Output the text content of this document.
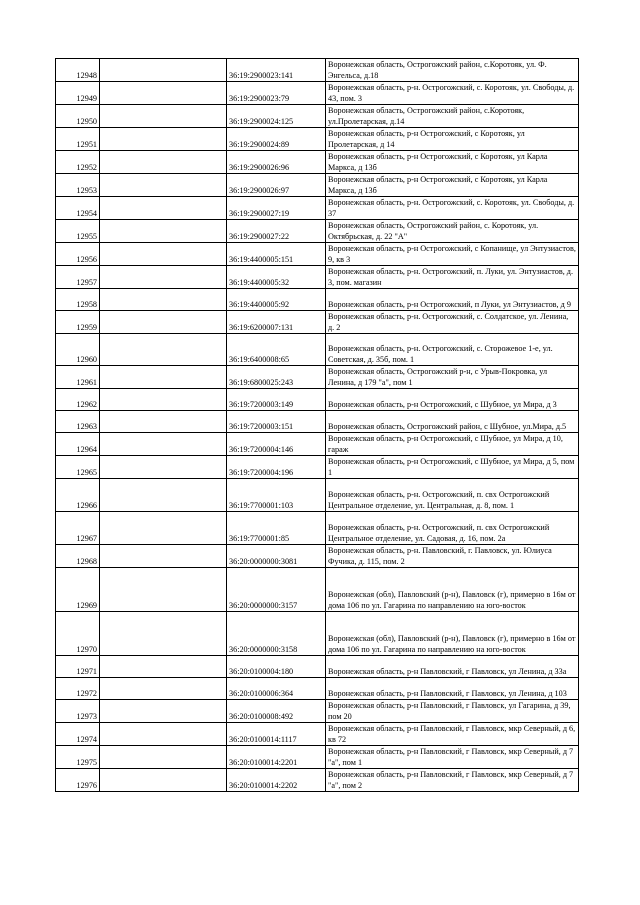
12948		36:19:2900023:141	Воронежская область, Острогожский район, с.Коротояк, ул. Ф. Энгельса, д.18
12949		36:19:2900023:79	Воронежская область, р-н. Острогожский, с. Коротояк, ул. Свободы, д. 43, пом. 3
12950		36:19:2900024:125	Воронежская область, Острогожский район, с.Коротояк, ул.Пролетарская, д.14
12951		36:19:2900024:89	Воронежская область, р-н Острогожский, с Коротояк, ул Пролетарская, д 14
12952		36:19:2900026:96	Воронежская область, р-н Острогожский, с Коротояк, ул Карла Маркса, д 13б
12953		36:19:2900026:97	Воронежская область, р-н Острогожский, с Коротояк, ул Карла Маркса, д 13б
12954		36:19:2900027:19	Воронежская область, р-н. Острогожский, с. Коротояк, ул. Свободы, д. 37
12955		36:19:2900027:22	Воронежская область, Острогожский район, с. Коротояк, ул. Октябрьская, д. 22 "А"
12956		36:19:4400005:151	Воронежская область, р-н Острогожский, с Копанище, ул Энтузиастов, 9, кв 3
12957		36:19:4400005:32	Воронежская область, р-н. Острогожский, п. Луки, ул. Энтузиастов, д. 3, пом. магазин
12958		36:19:4400005:92	Воронежская область, р-н Острогожский, п Луки, ул Энтузиастов, д 9
12959		36:19:6200007:131	Воронежская область, р-н. Острогожский, с. Солдатское, ул. Ленина, д. 2
12960		36:19:6400008:65	Воронежская область, р-н. Острогожский, с. Сторожевое 1-е, ул. Советская, д. 35б, пом. 1
12961		36:19:6800025:243	Воронежская область, Острогожский р-н, с Урыв-Покровка, ул Ленина, д 179 "а", пом 1
12962		36:19:7200003:149	Воронежская область, р-н Острогожский, с Шубное, ул Мира, д 3
12963		36:19:7200003:151	Воронежская область, Острогожский район, с Шубное, ул.Мира, д.5
12964		36:19:7200004:146	Воронежская область, р-н Острогожский, с Шубное, ул Мира, д 10, гараж
12965		36:19:7200004:196	Воронежская область, р-н Острогожский, с Шубное, ул Мира, д 5, пом 1
12966		36:19:7700001:103	Воронежская область, р-н. Острогожский, п. свх Острогожский Центральное отделение, ул. Центральная, д. 8, пом. 1
12967		36:19:7700001:85	Воронежская область, р-н. Острогожский, п. свх Острогожский Центральное отделение, ул. Садовая, д. 16, пом. 2а
12968		36:20:0000000:3081	Воронежская область, р-н. Павловский, г. Павловск, ул. Юлиуса Фучика, д. 115, пом. 2
12969		36:20:0000000:3157	Воронежская (обл), Павловский (р-н), Павловск (г), примерно в 16м от дома 106 по ул. Гагарина по направлению на юго-восток
12970		36:20:0000000:3158	Воронежская (обл), Павловский (р-н), Павловск (г), примерно в 16м от дома 106 по ул. Гагарина по направлению на юго-восток
12971		36:20:0100004:180	Воронежская область, р-н Павловский, г Павловск, ул Ленина, д 33а
12972		36:20:0100006:364	Воронежская область, р-н Павловский, г Павловск, ул Ленина, д 103
12973		36:20:0100008:492	Воронежская область, р-н Павловский, г Павловск, ул Гагарина, д 39, пом 20
12974		36:20:0100014:1117	Воронежская область, р-н Павловский, г Павловск, мкр Северный, д 6, кв 72
12975		36:20:0100014:2201	Воронежская область, р-н Павловский, г Павловск, мкр Северный, д 7 "а", пом 1
12976		36:20:0100014:2202	Воронежская область, р-н Павловский, г Павловск, мкр Северный, д 7 "а", пом 2
